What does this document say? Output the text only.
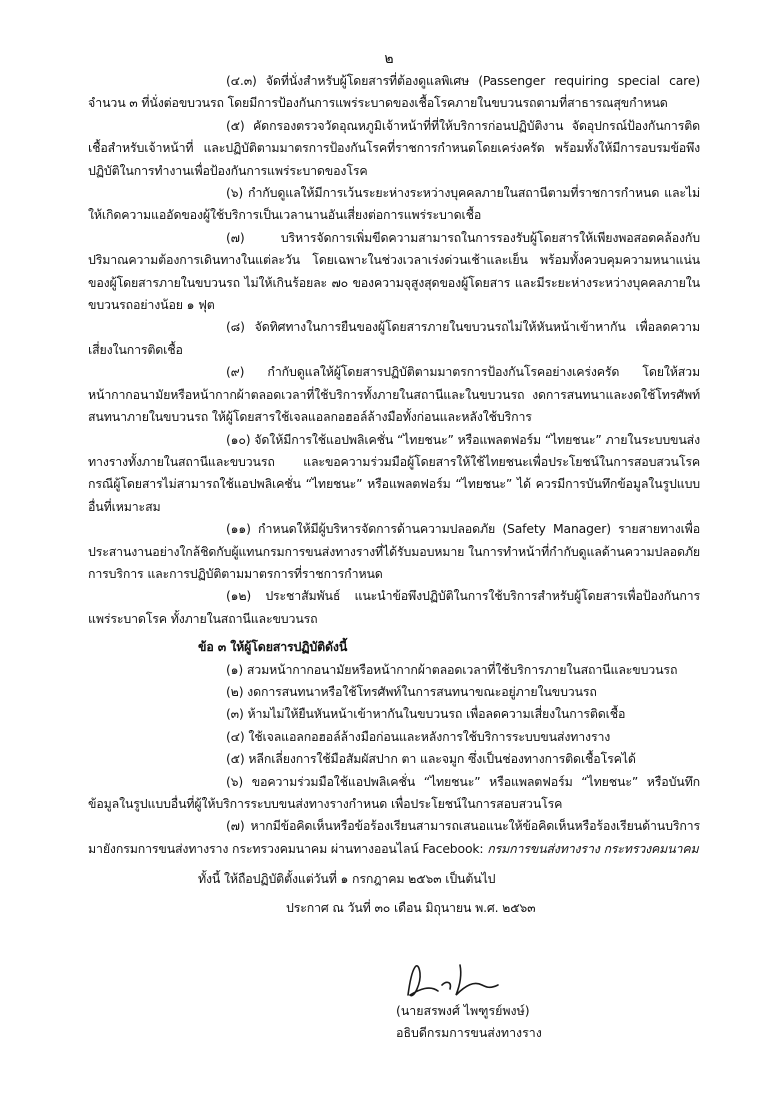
๒

(๔.๓) จัดที่นั่งสำหรับผู้โดยสารที่ต้องดูแลพิเศษ (Passenger requiring special care) จำนวน ๓ ที่นั่งต่อขบวนรถ โดยมีการป้องกันการแพร่ระบาดของเชื้อโรคภายในขบวนรถตามที่สาธารณสุขกำหนด

(๕) คัดกรองตรวจวัดอุณหภูมิเจ้าหน้าที่ที่ให้บริการก่อนปฏิบัติงาน จัดอุปกรณ์ป้องกันการติดเชื้อสำหรับเจ้าหน้าที่ และปฏิบัติตามมาตรการป้องกันโรคที่ราชการกำหนดโดยเคร่งครัด พร้อมทั้งให้มีการอบรมข้อพึงปฏิบัติในการทำงานเพื่อป้องกันการแพร่ระบาดของโรค

(๖) กำกับดูแลให้มีการเว้นระยะห่างระหว่างบุคคลภายในสถานีตามที่ราชการกำหนด และไม่ให้เกิดความแออัดของผู้ใช้บริการเป็นเวลานานอันเสี่ยงต่อการแพร่ระบาดเชื้อ

(๗) บริหารจัดการเพิ่มขีดความสามารถในการรองรับผู้โดยสารให้เพียงพอสอดคล้องกับปริมาณความต้องการเดินทางในแต่ละวัน โดยเฉพาะในช่วงเวลาเร่งด่วนเช้าและเย็น พร้อมทั้งควบคุมความหนาแน่นของผู้โดยสารภายในขบวนรถ ไม่ให้เกินร้อยละ ๗๐ ของความจุสูงสุดของผู้โดยสาร และมีระยะห่างระหว่างบุคคลภายในขบวนรถอย่างน้อย ๑ ฟุต

(๘) จัดทิศทางในการยืนของผู้โดยสารภายในขบวนรถไม่ให้หันหน้าเข้าหากัน เพื่อลดความเสี่ยงในการติดเชื้อ

(๙) กำกับดูแลให้ผู้โดยสารปฏิบัติตามมาตรการป้องกันโรคอย่างเคร่งครัด โดยให้สวมหน้ากากอนามัยหรือหน้ากากผ้าตลอดเวลาที่ใช้บริการทั้งภายในสถานีและในขบวนรถ งดการสนทนาและงดใช้โทรศัพท์สนทนาภายในขบวนรถ ให้ผู้โดยสารใช้เจลแอลกอฮอล์ล้างมือทั้งก่อนและหลังใช้บริการ

(๑๐) จัดให้มีการใช้แอปพลิเคชั่น “ไทยชนะ” หรือแพลตฟอร์ม “ไทยชนะ” ภายในระบบขนส่งทางรางทั้งภายในสถานีและขบวนรถ และขอความร่วมมือผู้โดยสารให้ใช้ไทยชนะเพื่อประโยชน์ในการสอบสวนโรค กรณีผู้โดยสารไม่สามารถใช้แอปพลิเคชั่น “ไทยชนะ” หรือแพลตฟอร์ม “ไทยชนะ” ได้ ควรมีการบันทึกข้อมูลในรูปแบบอื่นที่เหมาะสม

(๑๑) กำหนดให้มีผู้บริหารจัดการด้านความปลอดภัย (Safety Manager) รายสายทางเพื่อประสานงานอย่างใกล้ชิดกับผู้แทนกรมการขนส่งทางรางที่ได้รับมอบหมาย ในการทำหน้าที่กำกับดูแลด้านความปลอดภัย การบริการ และการปฏิบัติตามมาตรการที่ราชการกำหนด

(๑๒) ประชาสัมพันธ์ แนะนำข้อพึงปฏิบัติในการใช้บริการสำหรับผู้โดยสารเพื่อป้องกันการแพร่ระบาดโรค ทั้งภายในสถานีและขบวนรถ

ข้อ ๓ ให้ผู้โดยสารปฏิบัติดังนี้

(๑) สวมหน้ากากอนามัยหรือหน้ากากผ้าตลอดเวลาที่ใช้บริการภายในสถานีและขบวนรถ

(๒) งดการสนทนาหรือใช้โทรศัพท์ในการสนทนาขณะอยู่ภายในขบวนรถ

(๓) ห้ามไม่ให้ยืนหันหน้าเข้าหากันในขบวนรถ เพื่อลดความเสี่ยงในการติดเชื้อ

(๔) ใช้เจลแอลกอฮอล์ล้างมือก่อนและหลังการใช้บริการระบบขนส่งทางราง

(๕) หลีกเลี่ยงการใช้มือสัมผัสปาก ตา และจมูก ซึ่งเป็นช่องทางการติดเชื้อโรคได้

(๖) ขอความร่วมมือใช้แอปพลิเคชั่น “ไทยชนะ” หรือแพลตฟอร์ม “ไทยชนะ” หรือบันทึกข้อมูลในรูปแบบอื่นที่ผู้ให้บริการระบบขนส่งทางรางกำหนด เพื่อประโยชน์ในการสอบสวนโรค

(๗) หากมีข้อคิดเห็นหรือข้อร้องเรียนสามารถเสนอแนะให้ข้อคิดเห็นหรือร้องเรียนด้านบริการมายังกรมการขนส่งทางราง กระทรวงคมนาคม ผ่านทางออนไลน์ Facebook: กรมการขนส่งทางราง กระทรวงคมนาคม

ทั้งนี้ ให้ถือปฏิบัติตั้งแต่วันที่ ๑ กรกฎาคม ๒๕๖๓ เป็นต้นไป

ประกาศ ณ วันที่ ๓๐ เดือน มิถุนายน พ.ศ. ๒๕๖๓

(นายสรพงศ์ ไพฑูรย์พงษ์)
อธิบดีกรมการขนส่งทางราง
